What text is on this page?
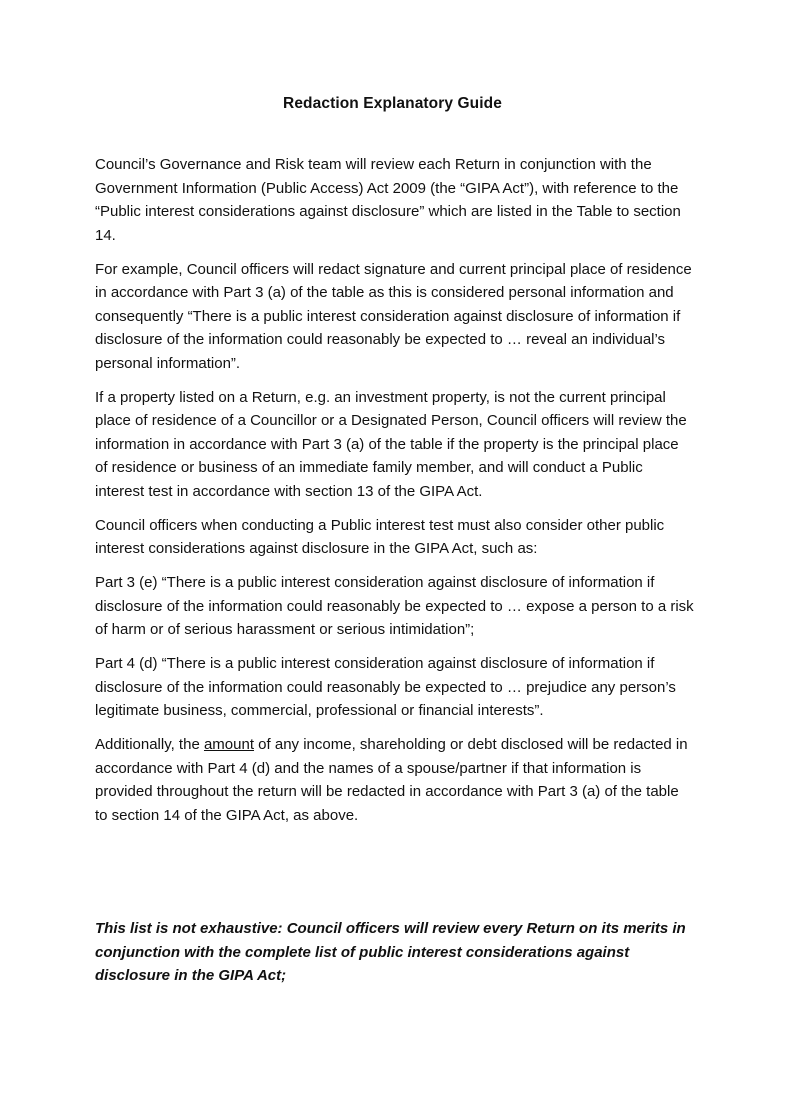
Redaction Explanatory Guide

Council’s Governance and Risk team will review each Return in conjunction with the Government Information (Public Access) Act 2009 (the “GIPA Act”), with reference to the “Public interest considerations against disclosure” which are listed in the Table to section 14.

For example, Council officers will redact signature and current principal place of residence in accordance with Part 3 (a) of the table as this is considered personal information and consequently “There is a public interest consideration against disclosure of information if disclosure of the information could reasonably be expected to … reveal an individual’s personal information”.

If a property listed on a Return, e.g. an investment property, is not the current principal place of residence of a Councillor or a Designated Person, Council officers will review the information in accordance with Part 3 (a) of the table if the property is the principal place of residence or business of an immediate family member, and will conduct a Public interest test in accordance with section 13 of the GIPA Act.

Council officers when conducting a Public interest test must also consider other public interest considerations against disclosure in the GIPA Act, such as:

Part 3 (e) “There is a public interest consideration against disclosure of information if disclosure of the information could reasonably be expected to … expose a person to a risk of harm or of serious harassment or serious intimidation”;

Part 4 (d) “There is a public interest consideration against disclosure of information if disclosure of the information could reasonably be expected to … prejudice any person’s legitimate business, commercial, professional or financial interests”.

Additionally, the amount of any income, shareholding or debt disclosed will be redacted in accordance with Part 4 (d) and the names of a spouse/partner if that information is provided throughout the return will be redacted in accordance with Part 3 (a) of the table to section 14 of the GIPA Act, as above.

This list is not exhaustive: Council officers will review every Return on its merits in conjunction with the complete list of public interest considerations against disclosure in the GIPA Act;
